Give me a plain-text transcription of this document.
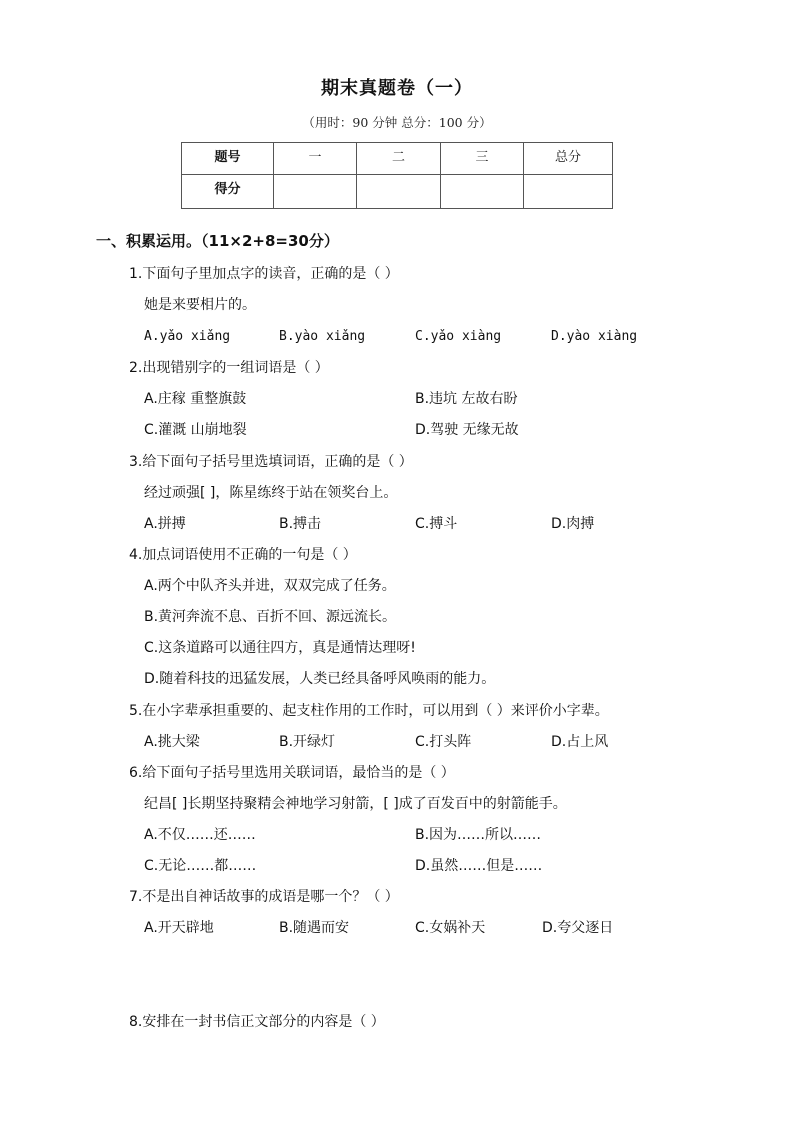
期末真题卷（一）
（用时：90 分钟 总分：100 分）
题号	一	二	三	总分
得分				
一、积累运用。（11×2+8=30分）
1.下面句子里加点字的读音，正确的是（ ）
她是来要相片的。
A.yǎo xiǎng	B.yào xiǎng	C.yǎo xiàng	D.yào xiàng
2.出现错别字的一组词语是（ ）
A.庄稼 重整旗鼓	B.违坑 左故右盼
C.灌溉 山崩地裂	D.驾驶 无缘无故
3.给下面句子括号里选填词语，正确的是（ ）
经过顽强[ ]，陈星练终于站在领奖台上。
A.拼搏	B.搏击	C.搏斗	D.肉搏
4.加点词语使用不正确的一句是（ ）
A.两个中队齐头并进，双双完成了任务。
B.黄河奔流不息、百折不回、源远流长。
C.这条道路可以通往四方，真是通情达理呀!
D.随着科技的迅猛发展，人类已经具备呼风唤雨的能力。
5.在小字辈承担重要的、起支柱作用的工作时，可以用到（ ）来评价小字辈。
A.挑大梁	B.开绿灯	C.打头阵	D.占上风
6.给下面句子括号里选用关联词语，最恰当的是（ ）
纪昌[ ]长期坚持聚精会神地学习射箭，[ ]成了百发百中的射箭能手。
A.不仅……还……	B.因为……所以……
C.无论……都……	D.虽然……但是……
7.不是出自神话故事的成语是哪一个？（ ）
A.开天辟地	B.随遇而安	C.女娲补天	D.夸父逐日
8.安排在一封书信正文部分的内容是（ ）
